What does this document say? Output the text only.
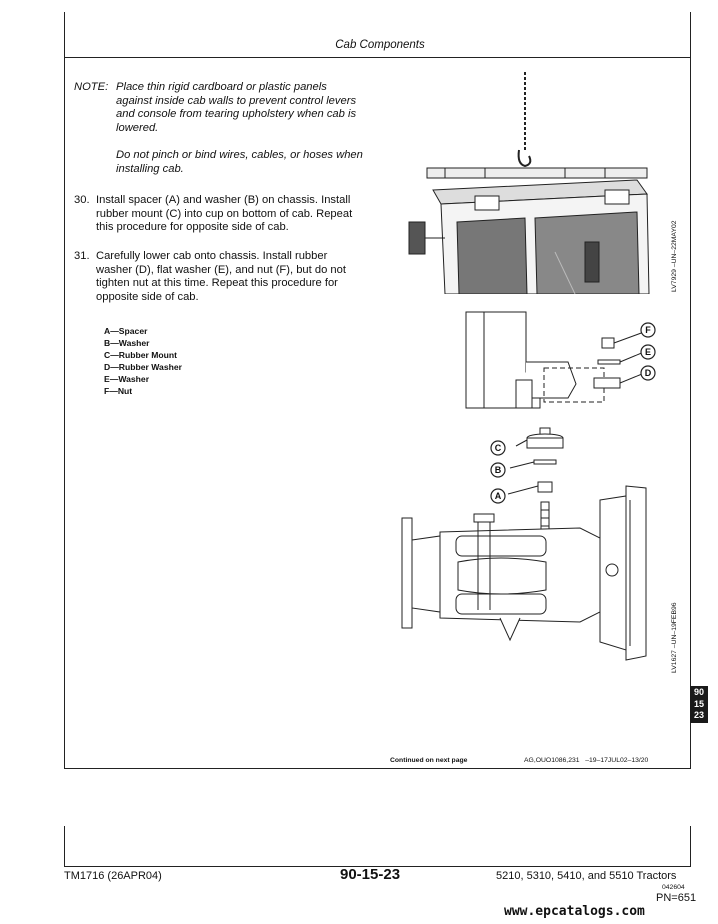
Cab Components
NOTE: Place thin rigid cardboard or plastic panels
against inside cab walls to prevent control levers
and console from tearing upholstery when cab is
lowered.
Do not pinch or bind wires, cables, or hoses when
installing cab.
30. Install spacer (A) and washer (B) on chassis. Install
rubber mount (C) into cup on bottom of cab. Repeat
this procedure for opposite side of cab.
31. Carefully lower cab onto chassis. Install rubber
washer (D), flat washer (E), and nut (F), but do not
tighten nut at this time. Repeat this procedure for
opposite side of cab.
A—Spacer
B—Washer
C—Rubber Mount
D—Rubber Washer
E—Washer
F—Nut
LV7929 –UN–22MAY02
F
E
D
C
B
A
LV1627 –UN–19FEB96
90
15
23
Continued on next page	AG,OUO1086,231   –19–17JUL02–13/20
TM1716 (26APR04)	90-15-23	5210, 5310, 5410, and 5510 Tractors
042604
PN=651
www.epcatalogs.com
